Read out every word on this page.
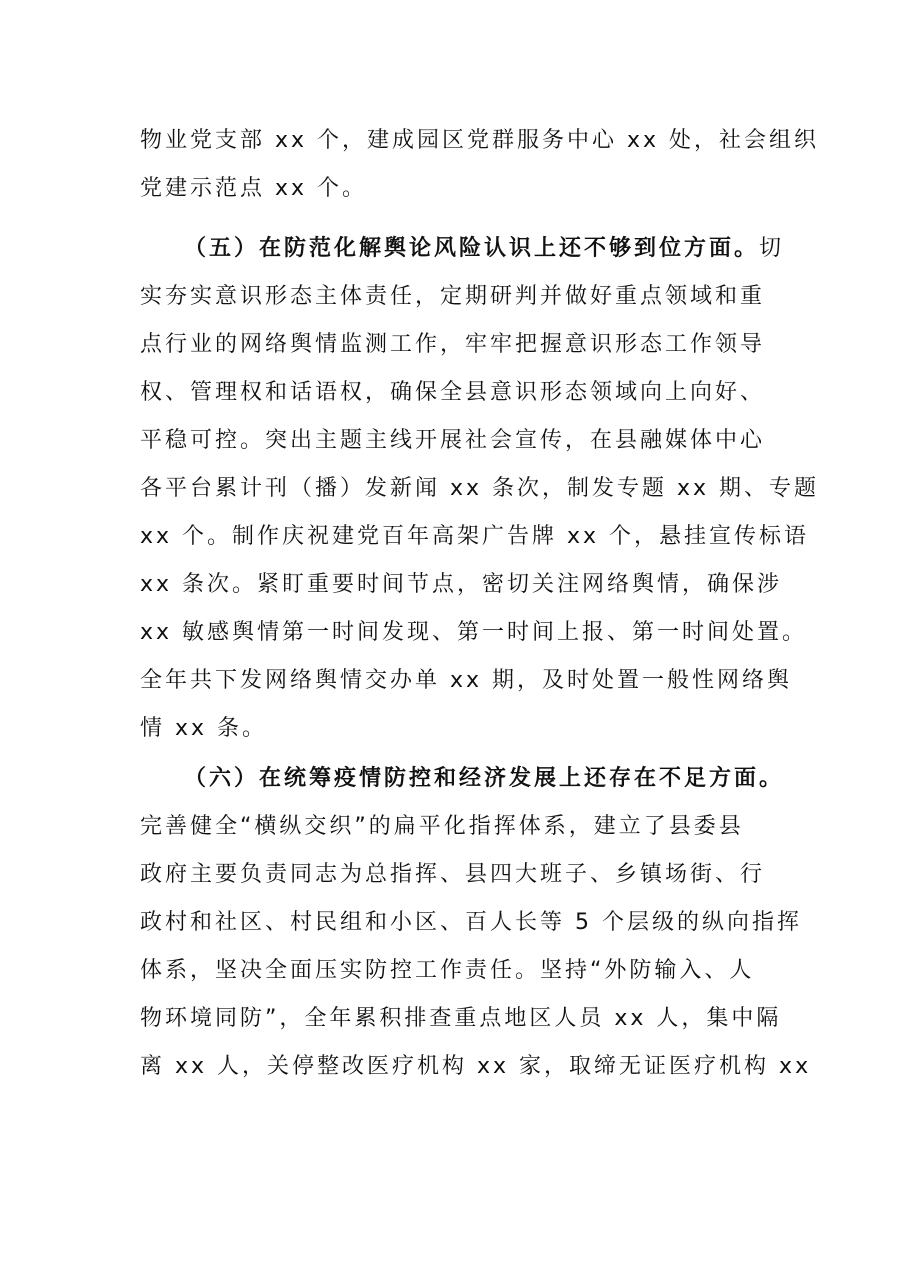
物业党支部 xx 个，建成园区党群服务中心 xx 处，社会组织
党建示范点 xx 个。
（五）在防范化解舆论风险认识上还不够到位方面。切
实夯实意识形态主体责任，定期研判并做好重点领域和重
点行业的网络舆情监测工作，牢牢把握意识形态工作领导
权、管理权和话语权，确保全县意识形态领域向上向好、
平稳可控。突出主题主线开展社会宣传，在县融媒体中心
各平台累计刊（播）发新闻 xx 条次，制发专题 xx 期、专题
xx 个。制作庆祝建党百年高架广告牌 xx 个，悬挂宣传标语
xx 条次。紧盯重要时间节点，密切关注网络舆情，确保涉
xx 敏感舆情第一时间发现、第一时间上报、第一时间处置。
全年共下发网络舆情交办单 xx 期，及时处置一般性网络舆
情 xx 条。
（六）在统筹疫情防控和经济发展上还存在不足方面。
完善健全“横纵交织”的扁平化指挥体系，建立了县委县
政府主要负责同志为总指挥、县四大班子、乡镇场街、行
政村和社区、村民组和小区、百人长等 5 个层级的纵向指挥
体系，坚决全面压实防控工作责任。坚持“外防输入、人
物环境同防”，全年累积排查重点地区人员 xx 人，集中隔
离 xx 人，关停整改医疗机构 xx 家，取缔无证医疗机构 xx
